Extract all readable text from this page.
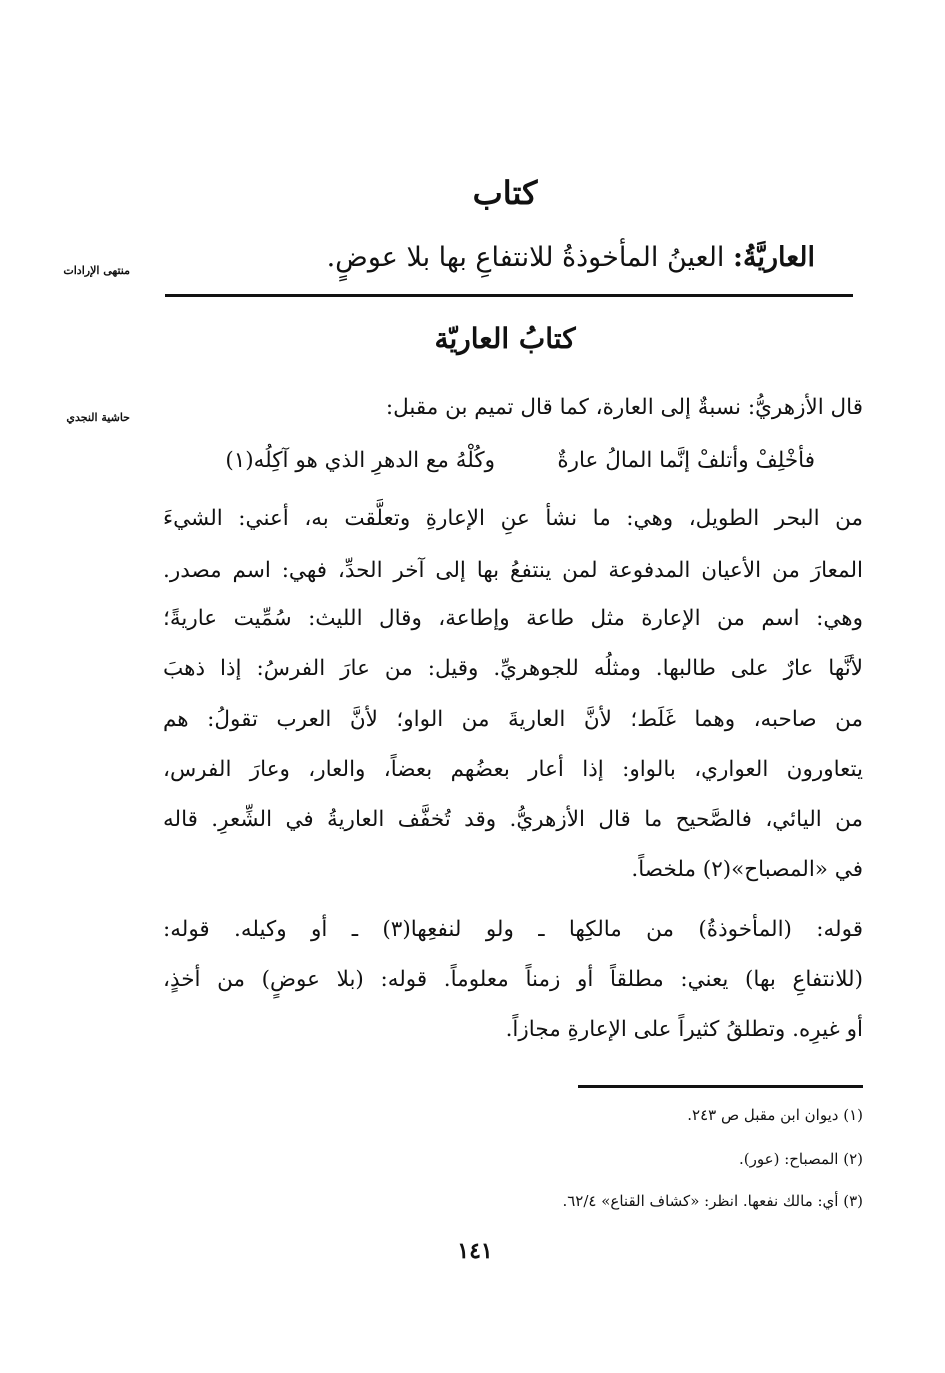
كتاب
العاريَّةُ: العينُ المأخوذةُ للانتفاعِ بها بلا عوضٍ.
منتهى الإرادات
كتابُ العاريّة
حاشية النجدي	قال الأزهريُّ: نسبةٌ إلى العارة، كما قال تميم بن مقبل:
فأخْلِفْ وأتلفْ إنَّما المالُ عارةٌ
وكُلْهُ مع الدهرِ الذي هو آكِلُه(١)
من البحر الطويل، وهي: ما نشأ عنِ الإعارةِ وتعلَّقت به، أعني: الشيءَ
المعارَ من الأعيان المدفوعة لمن ينتفعُ بها إلى آخر الحدِّ، فهي: اسم مصدر.
وهي: اسم من الإعارة مثل طاعة وإطاعة، وقال الليث: سُمِّيت عاريةً؛
لأنَّها عارٌ على طالبها. ومثلُه للجوهريِّ. وقيل: من عارَ الفرسُ: إذا ذهبَ
من صاحبه، وهما غَلَط؛ لأنَّ العاريةَ من الواو؛ لأنَّ العرب تقولُ: هم
يتعاورون العواري، بالواو: إذا أعار بعضُهم بعضاً، والعار، وعارَ الفرس،
من اليائي، فالصَّحيح ما قال الأزهريُّ. وقد تُخفَّف العاريةُ في الشِّعرِ. قاله
في «المصباح»(٢) ملخصاً.
قوله: (المأخوذةُ) من مالكِها ـ ولو لنفعِها(٣) ـ أو وكيله. قوله:
(للانتفاعِ بها) يعني: مطلقاً أو زمناً معلوماً. قوله: (بلا عوضٍ) من أخذٍ،
أو غيرِه. وتطلقُ كثيراً على الإعارةِ مجازاً.
(١) ديوان ابن مقبل ص ٢٤٣.
(٢) المصباح: (عور).
(٣) أي: مالك نفعها. انظر: «كشاف القناع» ٦٢/٤.
١٤١
